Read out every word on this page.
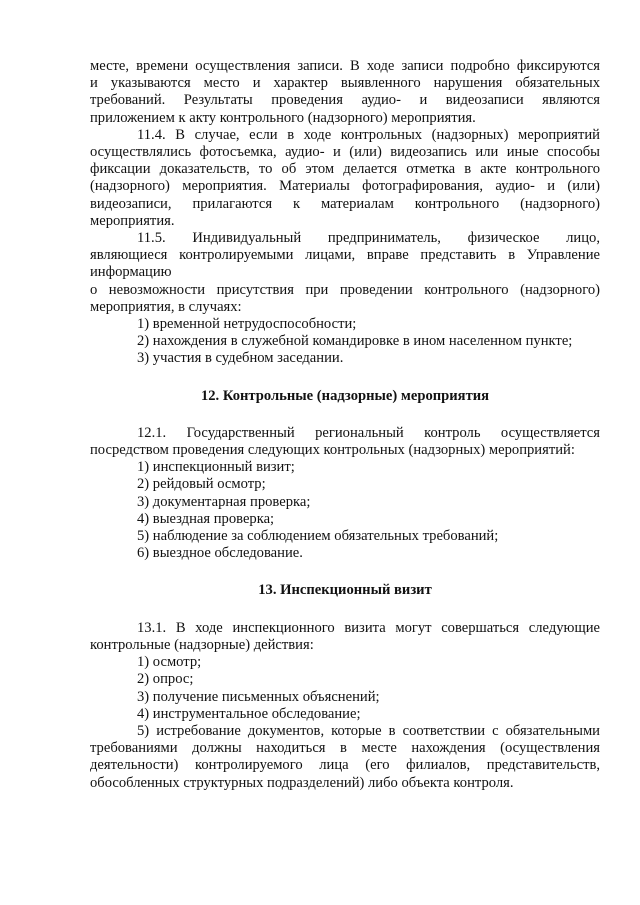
месте, времени осуществления записи. В ходе записи подробно фиксируются

и указываются место и характер выявленного нарушения обязательных

требований. Результаты проведения аудио- и видеозаписи являются

приложением к акту контрольного (надзорного) мероприятия.

11.4. В случае, если в ходе контрольных (надзорных) мероприятий

осуществлялись фотосъемка, аудио- и (или) видеозапись или иные способы

фиксации доказательств, то об этом делается отметка в акте контрольного

(надзорного) мероприятия. Материалы фотографирования, аудио- и (или)

видеозаписи, прилагаются к материалам контрольного (надзорного)

мероприятия.

11.5. Индивидуальный предприниматель, физическое лицо,

являющиеся контролируемыми лицами, вправе представить в Управление

информацию

о невозможности присутствия при проведении контрольного (надзорного)

мероприятия, в случаях:

1) временной нетрудоспособности;
2) нахождения в служебной командировке в ином населенном пункте;
3) участия в судебном заседании.
12. Контрольные (надзорные) мероприятия

12.1. Государственный региональный контроль осуществляется

посредством проведения следующих контрольных (надзорных) мероприятий:

1) инспекционный визит;
2) рейдовый осмотр;
3) документарная проверка;
4) выездная проверка;
5) наблюдение за соблюдением обязательных требований;
6) выездное обследование.
13. Инспекционный визит

13.1. В ходе инспекционного визита могут совершаться следующие

контрольные (надзорные) действия:

1) осмотр;
2) опрос;
3) получение письменных объяснений;
4) инструментальное обследование;

5) истребование документов, которые в соответствии с обязательными

требованиями должны находиться в месте нахождения (осуществления

деятельности) контролируемого лица (его филиалов, представительств,

обособленных структурных подразделений) либо объекта контроля.
